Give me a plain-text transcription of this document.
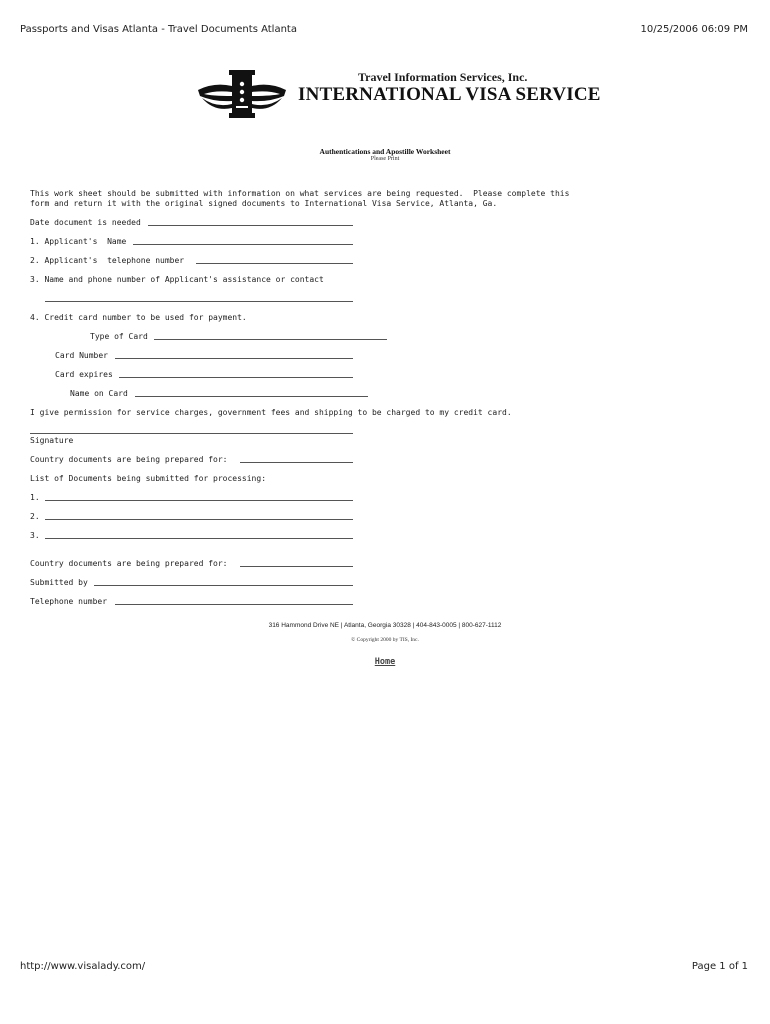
Passports and Visas Atlanta - Travel Documents Atlanta	10/25/2006 06:09 PM
Travel Information Services, Inc.
INTERNATIONAL VISA SERVICE
Authentications and Apostille Worksheet
Please Print
This work sheet should be submitted with information on what services are being requested.  Please complete this
form and return it with the original signed documents to International Visa Service, Atlanta, Ga.
Date document is needed
1. Applicant's  Name
2. Applicant's  telephone number
3. Name and phone number of Applicant's assistance or contact
4. Credit card number to be used for payment.
Type of Card
Card Number
Card expires
Name on Card
I give permission for service charges, government fees and shipping to be charged to my credit card.
Signature
Country documents are being prepared for:
List of Documents being submitted for processing:
1.
2.
3.
Country documents are being prepared for:
Submitted by
Telephone number
316 Hammond Drive NE | Atlanta, Georgia 30328 | 404-843-0005 | 800-627-1112
© Copyright 2000 by TIS, Inc.
Home
http://www.visalady.com/	Page 1 of 1
